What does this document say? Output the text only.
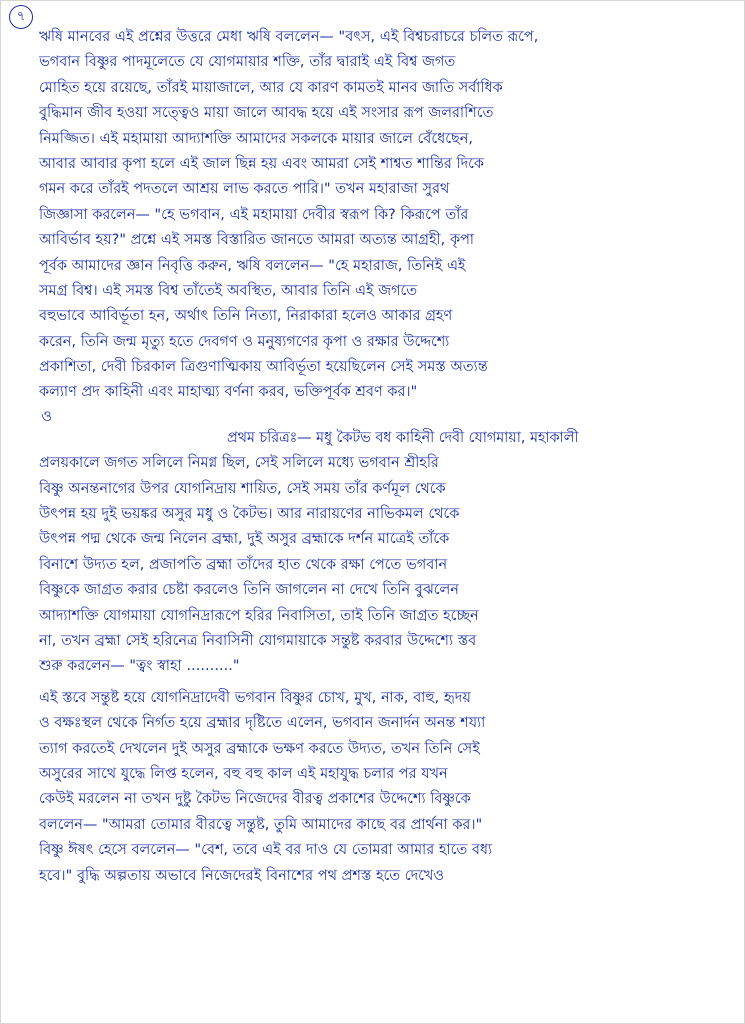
৭
ঋষি মানবের এই প্রশ্নের উত্তরে মেধা ঋষি বললেন— "বৎস, এই বিশ্বচরাচরে চলিত রূপে,
ভগবান বিষ্ণুর পাদমূলেতে যে যোগমায়ার শক্তি, তাঁর দ্বারাই এই বিশ্ব জগত
মোহিত হয়ে রয়েছে, তাঁরই মায়াজালে, আর যে কারণ কামতই মানব জাতি সর্বাধিক
বুদ্ধিমান জীব হওয়া সত্ত্বেও মায়া জালে আবদ্ধ হয়ে এই সংসার রূপ জলরাশিতে
নিমজ্জিত। এই মহামায়া আদ্যাশক্তি আমাদের সকলকে মায়ার জালে বেঁধেছেন,
আবার আবার কৃপা হলে এই জাল ছিন্ন হয় এবং আমরা সেই শাশ্বত শান্তির দিকে
গমন করে তাঁরই পদতলে আশ্রয় লাভ করতে পারি।" তখন মহারাজা সুরথ
জিজ্ঞাসা করলেন— "হে ভগবান, এই মহামায়া দেবীর স্বরূপ কি? কিরূপে তাঁর
আবির্ভাব হয়?" প্রশ্নে এই সমস্ত বিস্তারিত জানতে আমরা অত্যন্ত আগ্রহী, কৃপা
পূর্বক আমাদের জ্ঞান নিবৃত্তি করুন, ঋষি বললেন— "হে মহারাজ, তিনিই এই
সমগ্র বিশ্ব। এই সমস্ত বিশ্ব তাঁতেই অবস্থিত, আবার তিনি এই জগতে
বহুভাবে আবির্ভূতা হন, অর্থাৎ তিনি নিত্যা, নিরাকারা হলেও আকার গ্রহণ
করেন, তিনি জন্ম মৃত্যু হতে দেবগণ ও মনুষ্যগণের কৃপা ও রক্ষার উদ্দেশ্যে
প্রকাশিতা, দেবী চিরকাল ত্রিগুণাত্মিকায় আবির্ভূতা হয়েছিলেন সেই সমস্ত অত্যন্ত
কল্যাণ প্রদ কাহিনী এবং মাহাত্ম্য বর্ণনা করব, ভক্তিপূর্বক শ্রবণ কর।"
ও
প্রথম চরিত্রঃ— মধু কৈটভ বধ কাহিনী দেবী যোগমায়া, মহাকালী
প্রলয়কালে জগত সলিলে নিমগ্ন ছিল, সেই সলিলে মধ্যে ভগবান শ্রীহরি
বিষ্ণু অনন্তনাগের উপর যোগনিদ্রায় শায়িত, সেই সময় তাঁর কর্ণমূল থেকে
উৎপন্ন হয় দুই ভয়ঙ্কর অসুর মধু ও কৈটভ। আর নারায়ণের নাভিকমল থেকে
উৎপন্ন পদ্ম থেকে জন্ম নিলেন ব্রহ্মা, দুই অসুর ব্রহ্মাকে দর্শন মাত্রেই তাঁকে
বিনাশে উদ্যত হল, প্রজাপতি ব্রহ্মা তাঁদের হাত থেকে রক্ষা পেতে ভগবান
বিষ্ণুকে জাগ্রত করার চেষ্টা করলেও তিনি জাগলেন না দেখে তিনি বুঝলেন
আদ্যাশক্তি যোগমায়া যোগনিদ্রারূপে হরির নিবাসিতা, তাই তিনি জাগ্রত হচ্ছেন
না, তখন ব্রহ্মা সেই হরিনেত্র নিবাসিনী যোগমায়াকে সন্তুষ্ট করবার উদ্দেশ্যে স্তব
শুরু করলেন— "ত্বং স্বাহা .........."
এই স্তবে সন্তুষ্ট হয়ে যোগনিদ্রাদেবী ভগবান বিষ্ণুর চোখ, মুখ, নাক, বাহু, হৃদয়
ও বক্ষঃস্থল থেকে নির্গত হয়ে ব্রহ্মার দৃষ্টিতে এলেন, ভগবান জনার্দন অনন্ত শয্যা
ত্যাগ করতেই দেখলেন দুই অসুর ব্রহ্মাকে ভক্ষণ করতে উদ্যত, তখন তিনি সেই
অসুরের সাথে যুদ্ধে লিপ্ত হলেন, বহু বহু কাল এই মহাযুদ্ধ চলার পর যখন
কেউই মরলেন না তখন দুষ্টু কৈটভ নিজেদের বীরত্ব প্রকাশের উদ্দেশ্যে বিষ্ণুকে
বললেন— "আমরা তোমার বীরত্বে সন্তুষ্ট, তুমি আমাদের কাছে বর প্রার্থনা কর।"
বিষ্ণু ঈষৎ হেসে বললেন— "বেশ, তবে এই বর দাও যে তোমরা আমার হাতে বধ্য
হবে।" বুদ্ধি অল্পতায় অভাবে নিজেদেরই বিনাশের পথ প্রশস্ত হতে দেখেও
